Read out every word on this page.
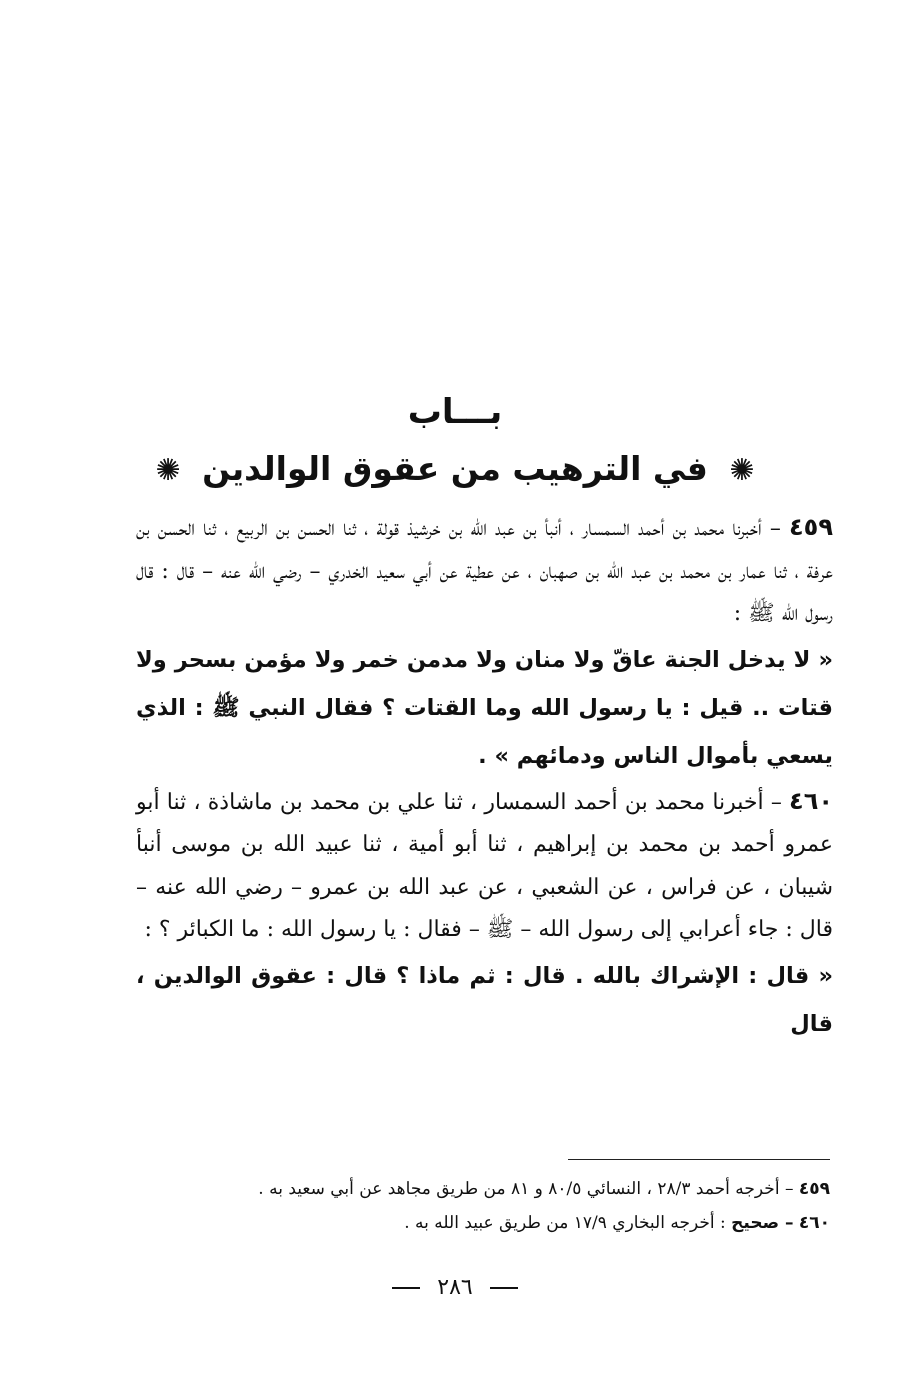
بـــاب
✺ في الترهيب من عقوق الوالدين ✺

٤٥٩ – أخبرنا محمد بن أحمد السمسار ، أنبأ بن عبد الله بن خرشيذ قولة ، ثنا الحسن بن الربيع ، ثنا الحسن بن عرفة ، ثنا عمار بن محمد بن عبد الله بن صهبان ، عن عطية عن أبي سعيد الخدري – رضي الله عنه – قال : قال رسول الله ﷺ :

« لا يدخل الجنة عاقّ ولا منان ولا مدمن خمر ولا مؤمن بسحر ولا قتات .. قيل : يا رسول الله وما القتات ؟ فقال النبي ﷺ : الذي يسعي بأموال الناس ودمائهم » .

٤٦٠ – أخبرنا محمد بن أحمد السمسار ، ثنا علي بن محمد بن ماشاذة ، ثنا أبو عمرو أحمد بن محمد بن إبراهيم ، ثنا أبو أمية ، ثنا عبيد الله بن موسى أنبأ شيبان ، عن فراس ، عن الشعبي ، عن عبد الله بن عمرو – رضي الله عنه – قال : جاء أعرابي إلى رسول الله – ﷺ – فقال : يا رسول الله : ما الكبائر ؟ :

« قال : الإشراك بالله . قال : ثم ماذا ؟ قال : عقوق الوالدين ، قال

٤٥٩ – أخرجه أحمد ٢٨/٣ ، النسائي ٨٠/٥ و ٨١ من طريق مجاهد عن أبي سعيد به .

٤٦٠ – صحيح : أخرجه البخاري ١٧/٩ من طريق عبيد الله به .

٢٨٦
